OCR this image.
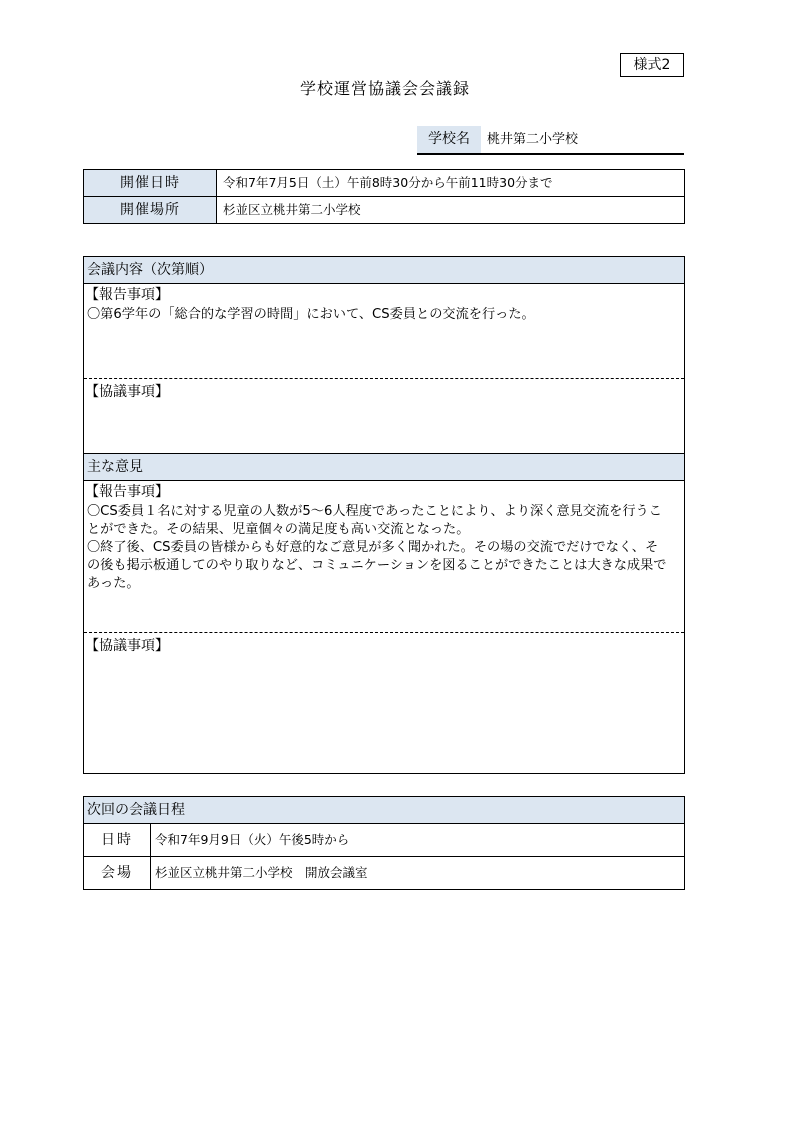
様式2
学校運営協議会会議録
学校名	桃井第二小学校
開催日時	令和7年7月5日（土）午前8時30分から午前11時30分まで
開催場所	杉並区立桃井第二小学校
会議内容（次第順）
【報告事項】
〇第6学年の「総合的な学習の時間」において、CS委員との交流を行った。
【協議事項】
主な意見
【報告事項】
〇CS委員１名に対する児童の人数が5～6人程度であったことにより、より深く意見交流を行うこ
とができた。その結果、児童個々の満足度も高い交流となった。
〇終了後、CS委員の皆様からも好意的なご意見が多く聞かれた。その場の交流でだけでなく、そ
の後も掲示板通してのやり取りなど、コミュニケーションを図ることができたことは大きな成果で
あった。
【協議事項】
次回の会議日程
日時	令和7年9月9日（火）午後5時から
会場	杉並区立桃井第二小学校　開放会議室
